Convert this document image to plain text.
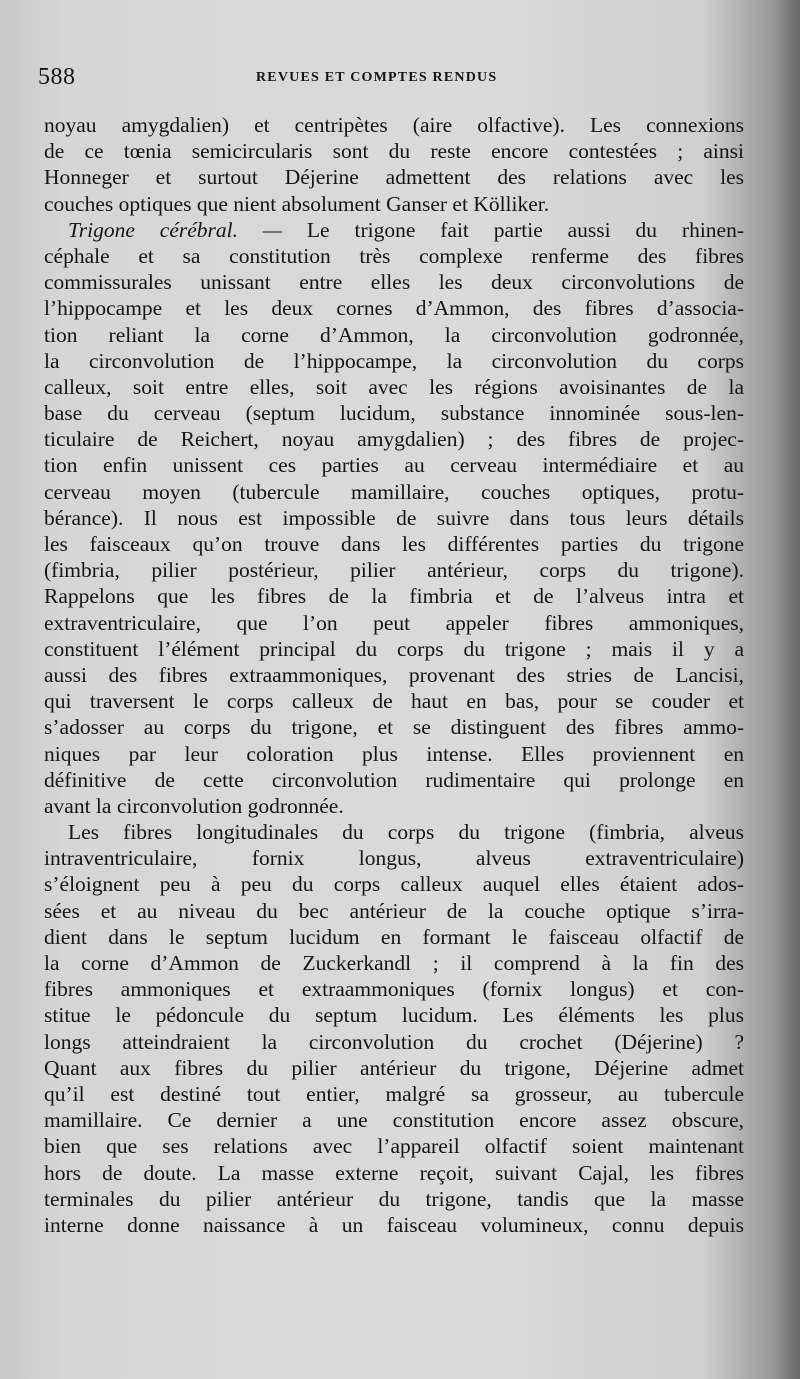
588	REVUES ET COMPTES RENDUS
noyau amygdalien) et centripètes (aire olfactive). Les connexions
de ce tœnia semicircularis sont du reste encore contestées ; ainsi
Honneger et surtout Déjerine admettent des relations avec les
couches optiques que nient absolument Ganser et Kölliker.
Trigone cérébral. — Le trigone fait partie aussi du rhinen-
céphale et sa constitution très complexe renferme des fibres
commissurales unissant entre elles les deux circonvolutions de
l’hippocampe et les deux cornes d’Ammon, des fibres d’associa-
tion reliant la corne d’Ammon, la circonvolution godronnée,
la circonvolution de l’hippocampe, la circonvolution du corps
calleux, soit entre elles, soit avec les régions avoisinantes de la
base du cerveau (septum lucidum, substance innominée sous-len-
ticulaire de Reichert, noyau amygdalien) ; des fibres de projec-
tion enfin unissent ces parties au cerveau intermédiaire et au
cerveau moyen (tubercule mamillaire, couches optiques, protu-
bérance). Il nous est impossible de suivre dans tous leurs détails
les faisceaux qu’on trouve dans les différentes parties du trigone
(fimbria, pilier postérieur, pilier antérieur, corps du trigone).
Rappelons que les fibres de la fimbria et de l’alveus intra et
extraventriculaire, que l’on peut appeler fibres ammoniques,
constituent l’élément principal du corps du trigone ; mais il y a
aussi des fibres extraammoniques, provenant des stries de Lancisi,
qui traversent le corps calleux de haut en bas, pour se couder et
s’adosser au corps du trigone, et se distinguent des fibres ammo-
niques par leur coloration plus intense. Elles proviennent en
définitive de cette circonvolution rudimentaire qui prolonge en
avant la circonvolution godronnée.
Les fibres longitudinales du corps du trigone (fimbria, alveus
intraventriculaire, fornix longus, alveus extraventriculaire)
s’éloignent peu à peu du corps calleux auquel elles étaient ados-
sées et au niveau du bec antérieur de la couche optique s’irra-
dient dans le septum lucidum en formant le faisceau olfactif de
la corne d’Ammon de Zuckerkandl ; il comprend à la fin des
fibres ammoniques et extraammoniques (fornix longus) et con-
stitue le pédoncule du septum lucidum. Les éléments les plus
longs atteindraient la circonvolution du crochet (Déjerine) ?
Quant aux fibres du pilier antérieur du trigone, Déjerine admet
qu’il est destiné tout entier, malgré sa grosseur, au tubercule
mamillaire. Ce dernier a une constitution encore assez obscure,
bien que ses relations avec l’appareil olfactif soient maintenant
hors de doute. La masse externe reçoit, suivant Cajal, les fibres
terminales du pilier antérieur du trigone, tandis que la masse
interne donne naissance à un faisceau volumineux, connu depuis
